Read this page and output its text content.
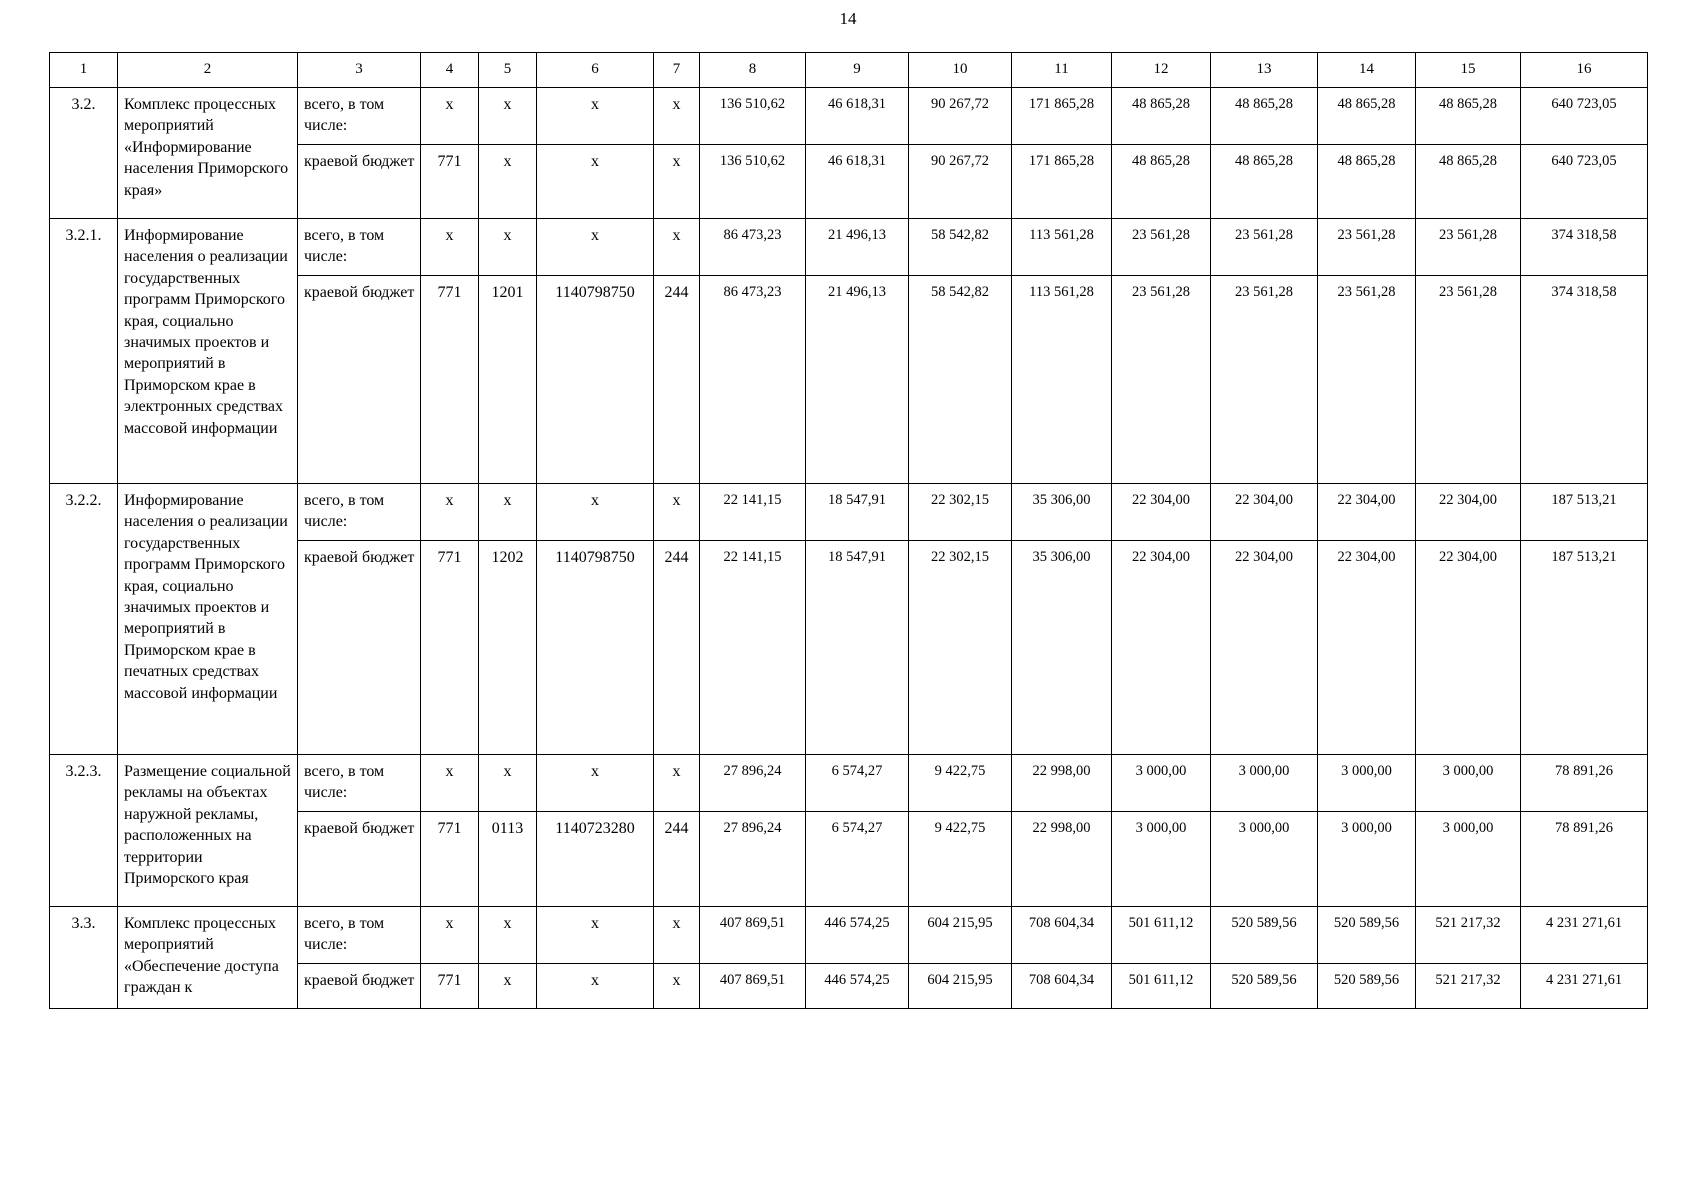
14
1	2	3	4	5	6	7	8	9	10	11	12	13	14	15	16
3.2.	Комплекс процессных мероприятий «Информирование населения Приморского края»	всего, в том числе:	x	x	x	x	136 510,62	46 618,31	90 267,72	171 865,28	48 865,28	48 865,28	48 865,28	48 865,28	640 723,05
		краевой бюджет	771	x	x	x	136 510,62	46 618,31	90 267,72	171 865,28	48 865,28	48 865,28	48 865,28	48 865,28	640 723,05
3.2.1.	Информирование населения о реализации государственных программ Приморского края, социально значимых проектов и мероприятий в Приморском крае в электронных средствах массовой информации	всего, в том числе:	x	x	x	x	86 473,23	21 496,13	58 542,82	113 561,28	23 561,28	23 561,28	23 561,28	23 561,28	374 318,58
		краевой бюджет	771	1201	1140798750	244	86 473,23	21 496,13	58 542,82	113 561,28	23 561,28	23 561,28	23 561,28	23 561,28	374 318,58
3.2.2.	Информирование населения о реализации государственных программ Приморского края, социально значимых проектов и мероприятий в Приморском крае в печатных средствах массовой информации	всего, в том числе:	x	x	x	x	22 141,15	18 547,91	22 302,15	35 306,00	22 304,00	22 304,00	22 304,00	22 304,00	187 513,21
		краевой бюджет	771	1202	1140798750	244	22 141,15	18 547,91	22 302,15	35 306,00	22 304,00	22 304,00	22 304,00	22 304,00	187 513,21
3.2.3.	Размещение социальной рекламы на объектах наружной рекламы, расположенных на территории Приморского края	всего, в том числе:	x	x	x	x	27 896,24	6 574,27	9 422,75	22 998,00	3 000,00	3 000,00	3 000,00	3 000,00	78 891,26
		краевой бюджет	771	0113	1140723280	244	27 896,24	6 574,27	9 422,75	22 998,00	3 000,00	3 000,00	3 000,00	3 000,00	78 891,26
3.3.	Комплекс процессных мероприятий «Обеспечение доступа граждан к	всего, в том числе:	x	x	x	x	407 869,51	446 574,25	604 215,95	708 604,34	501 611,12	520 589,56	520 589,56	521 217,32	4 231 271,61
		краевой бюджет	771	x	x	x	407 869,51	446 574,25	604 215,95	708 604,34	501 611,12	520 589,56	520 589,56	521 217,32	4 231 271,61
